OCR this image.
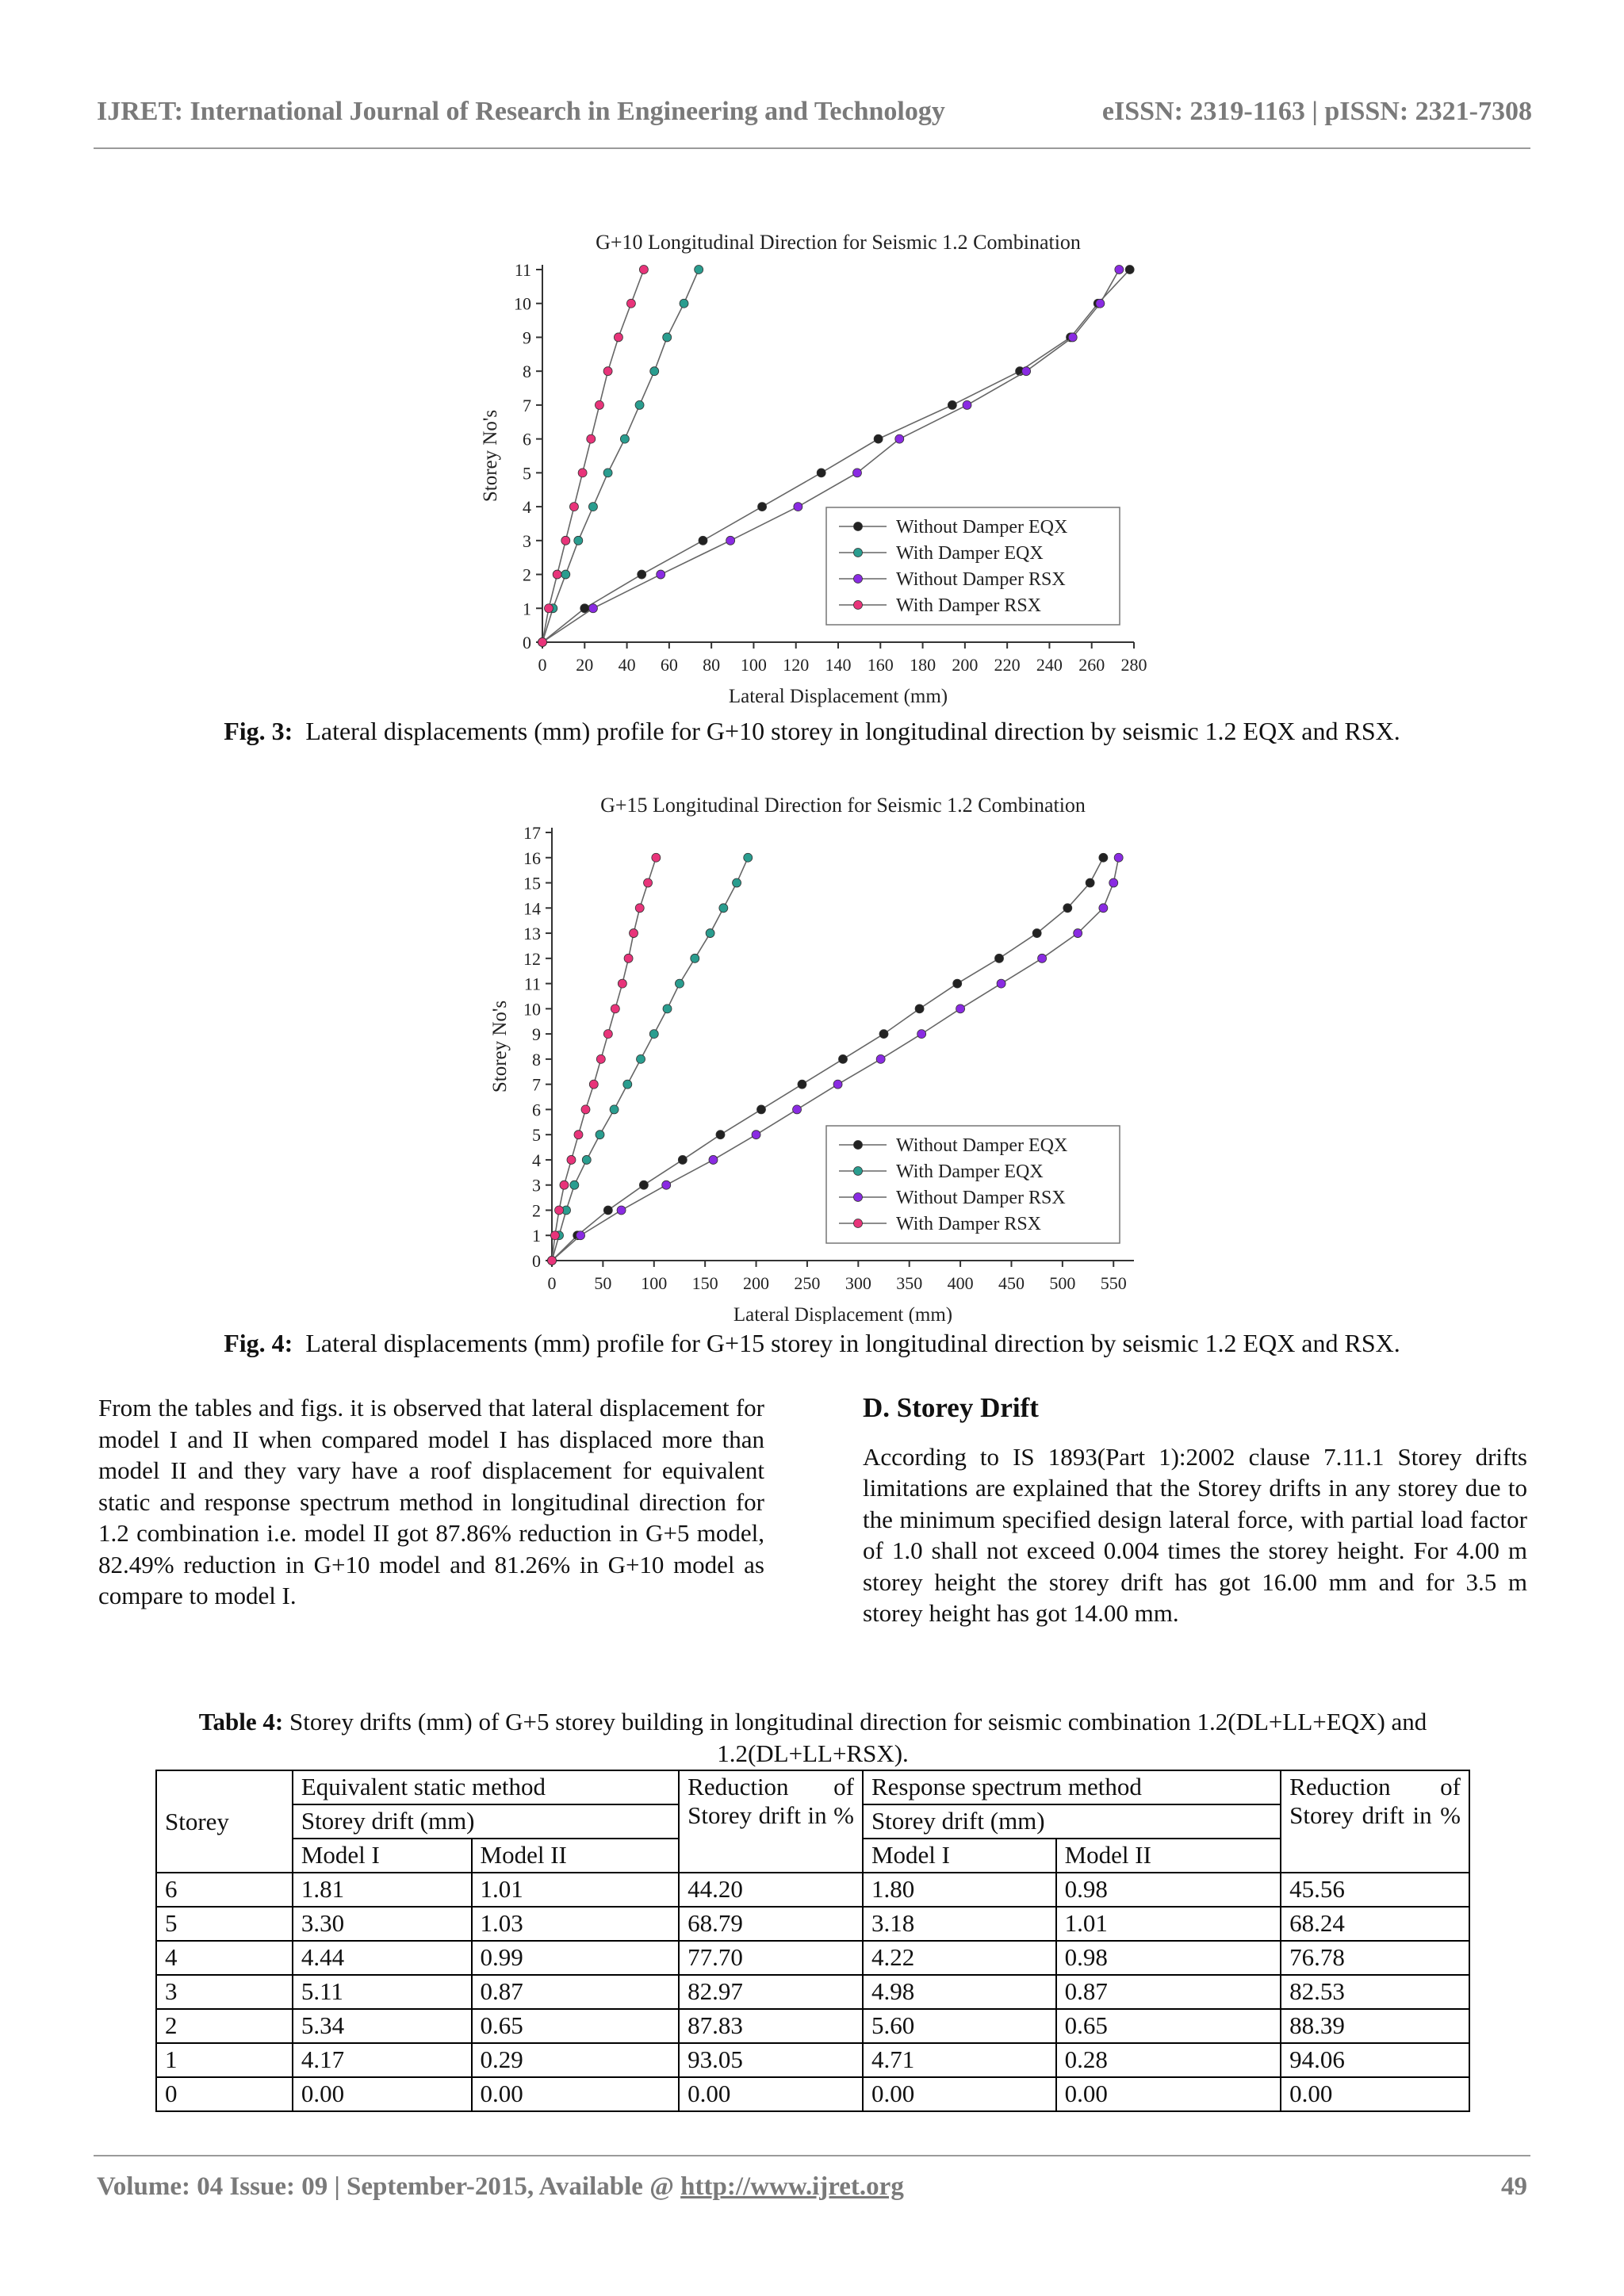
IJRET: International Journal of Research in Engineering and Technology	eISSN: 2319-1163 | pISSN: 2321-7308
G+10 Longitudinal Direction for Seismic 1.2 Combination
0 20 40 60 80 100 120 140 160 180 200 220 240 260 280
0
1
2
3
4
5
6
7
8
9
10
11
Lateral Displacement (mm)
Storey No's
Without Damper EQX
With Damper EQX
Without Damper RSX
With Damper RSX
Fig. 3: Lateral displacements (mm) profile for G+10 storey in longitudinal direction by seismic 1.2 EQX and RSX.
G+15 Longitudinal Direction for Seismic 1.2 Combination
0 50 100 150 200 250 300 350 400 450 500 550
0
1
2
3
4
5
6
7
8
9
10
11
12
13
14
15
16
17
Lateral Displacement (mm)
Storey No's
Without Damper EQX
With Damper EQX
Without Damper RSX
With Damper RSX
Fig. 4: Lateral displacements (mm) profile for G+15 storey in longitudinal direction by seismic 1.2 EQX and RSX.
From the tables and figs. it is observed that lateral displacement for model I and II when compared model I has displaced more than model II and they vary have a roof displacement for equivalent static and response spectrum method in longitudinal direction for 1.2 combination i.e. model II got 87.86% reduction in G+5 model, 82.49% reduction in G+10 model and 81.26% in G+10 model as compare to model I.
D. Storey Drift
According to IS 1893(Part 1):2002 clause 7.11.1 Storey drifts limitations are explained that the Storey drifts in any storey due to the minimum specified design lateral force, with partial load factor of 1.0 shall not exceed 0.004 times the storey height. For 4.00 m storey height the storey drift has got 16.00 mm and for 3.5 m storey height has got 14.00 mm.
Table 4: Storey drifts (mm) of G+5 storey building in longitudinal direction for seismic combination 1.2(DL+LL+EQX) and 1.2(DL+LL+RSX).
Storey	Equivalent static method		Reduction of Storey drift in %	Response spectrum method		Reduction of Storey drift in %
	Storey drift (mm)			Storey drift (mm)		
	Model I	Model II		Model I	Model II	
6	1.81	1.01	44.20	1.80	0.98	45.56
5	3.30	1.03	68.79	3.18	1.01	68.24
4	4.44	0.99	77.70	4.22	0.98	76.78
3	5.11	0.87	82.97	4.98	0.87	82.53
2	5.34	0.65	87.83	5.60	0.65	88.39
1	4.17	0.29	93.05	4.71	0.28	94.06
0	0.00	0.00	0.00	0.00	0.00	0.00
Volume: 04 Issue: 09 | September-2015, Available @ http://www.ijret.org	49
